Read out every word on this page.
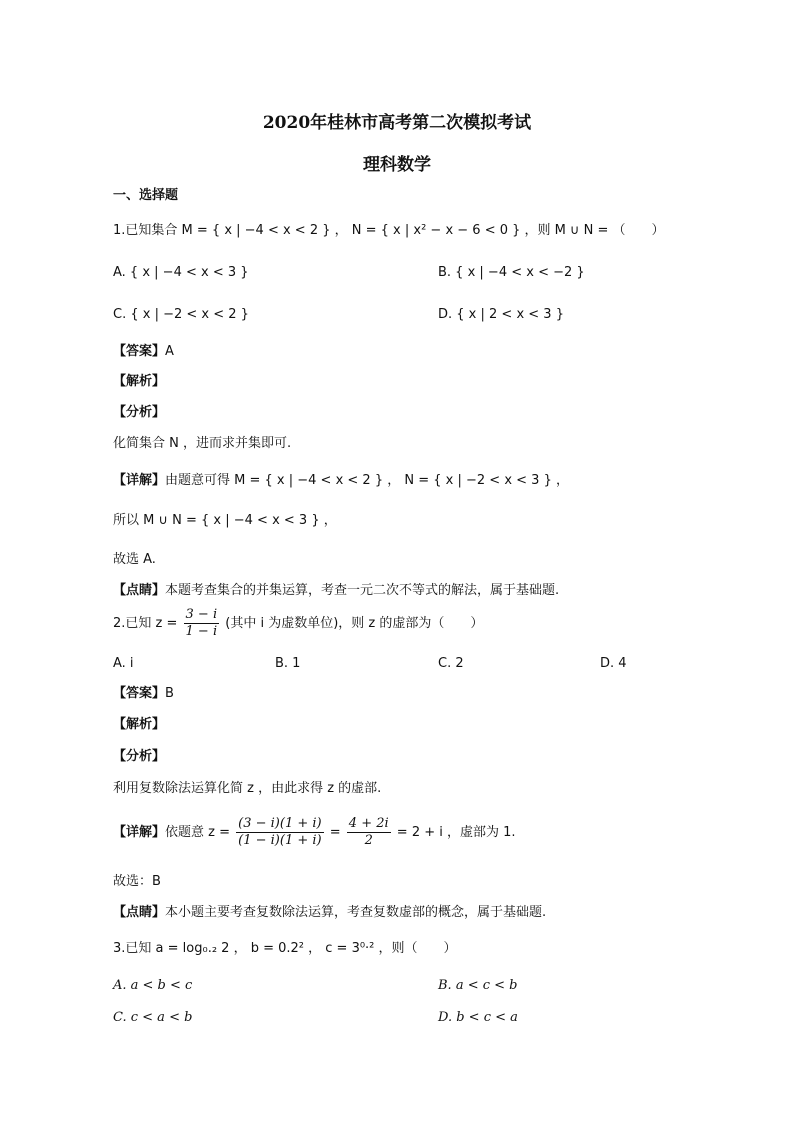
2020年桂林市高考第二次模拟考试
理科数学
一、选择题
1.已知集合 M = { x | −4 < x < 2 } ， N = { x | x² − x − 6 < 0 } ，则 M ∪ N = （　　）
A. { x | −4 < x < 3 }	B. { x | −4 < x < −2 }
C. { x | −2 < x < 2 }	D. { x | 2 < x < 3 }
【答案】A
【解析】
【分析】
化简集合 N ，进而求并集即可.
【详解】由题意可得 M = { x | −4 < x < 2 } ， N = { x | −2 < x < 3 } ，
所以 M ∪ N = { x | −4 < x < 3 } ，
故选 A.
【点睛】本题考查集合的并集运算，考查一元二次不等式的解法，属于基础题.
2.已知 $z = \frac{3 - i}{1 - i}$ (其中 i 为虚数单位)，则 z 的虚部为（　　）
A. i	B. 1	C. 2	D. 4
【答案】B
【解析】
【分析】
利用复数除法运算化简 z ，由此求得 z 的虚部.
【详解】依题意 $z = \frac{(3 - i)(1 + i)}{(1 - i)(1 + i)} = \frac{4 + 2i}{2} = 2 + i$ ，虚部为 1.
故选：B
【点睛】本小题主要考查复数除法运算，考查复数虚部的概念，属于基础题.
3.已知 a = log₀.₂ 2 ， b = 0.2² ， c = 3⁰·² ，则（　　）
A. a < b < c	B. a < c < b
C. c < a < b	D. b < c < a
